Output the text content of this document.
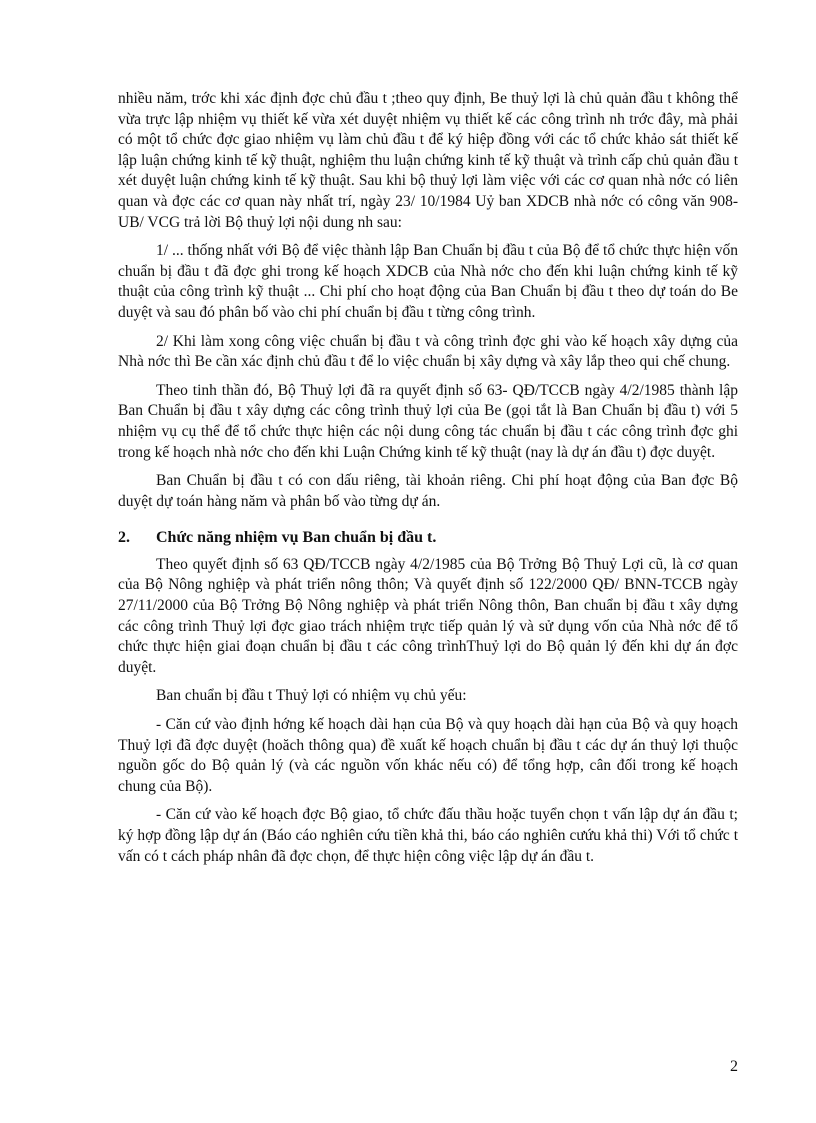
nhiều năm, trớc khi xác định đợc chủ đầu t ;theo quy định, Be thuỷ lợi là chủ quản đầu t không thể vừa trực lập nhiệm vụ thiết kế vừa xét duyệt nhiệm vụ thiết kế các công trình nh trớc đây, mà phải có một tổ chức đợc giao nhiệm vụ làm chủ đầu t để ký hiệp đồng với các tổ chức khảo sát thiết kế lập luận chứng kinh tế kỹ thuật, nghiệm thu luận chứng kinh tế kỹ thuật và trình cấp chủ quản đầu t xét duyệt luận chứng kinh tế kỹ thuật. Sau khi bộ thuỷ lợi làm việc với các cơ quan nhà nớc có liên quan và đợc các cơ quan này nhất trí, ngày 23/ 10/1984 Uỷ ban XDCB nhà nớc có công văn 908- UB/ VCG trả lời Bộ thuỷ lợi nội dung nh sau:

1/ ... thống nhất với Bộ để việc thành lập Ban Chuẩn bị đầu t của Bộ để tổ chức thực hiện vốn chuẩn bị đầu t đã đợc ghi trong kế hoạch XDCB của Nhà nớc cho đến khi luận chứng kinh tế kỹ thuật của công trình kỹ thuật ... Chi phí cho hoạt động của Ban Chuẩn bị đầu t theo dự toán do Be duyệt và sau đó phân bố vào chi phí chuẩn bị đầu t từng công trình.

2/ Khi làm xong công việc chuẩn bị đầu t và công trình đợc ghi vào kế hoạch xây dựng của Nhà nớc thì Be cần xác định chủ đầu t để lo việc chuẩn bị xây dựng và xây lắp theo qui chế chung.

Theo tinh thần đó, Bộ Thuỷ lợi đã ra quyết định số 63- QĐ/TCCB ngày 4/2/1985 thành lập Ban Chuẩn bị đầu t xây dựng các công trình thuỷ lợi của Be (gọi tắt là Ban Chuẩn bị đầu t) với 5 nhiệm vụ cụ thể để tổ chức thực hiện các nội dung công tác chuẩn bị đầu t các công trình đợc ghi trong kế hoạch nhà nớc cho đến khi Luận Chứng kinh tế kỹ thuật (nay là dự án đầu t) đợc duyệt.

Ban Chuẩn bị đầu t có con dấu riêng, tài khoản riêng. Chi phí hoạt động của Ban đợc Bộ duyệt dự toán hàng năm và phân bố vào từng dự án.

2.	Chức năng nhiệm vụ Ban chuẩn bị đầu t.

Theo quyết định số 63 QĐ/TCCB ngày 4/2/1985 của Bộ Trởng Bộ Thuỷ Lợi cũ, là cơ quan của Bộ Nông nghiệp và phát triển nông thôn; Và quyết định số 122/2000 QĐ/ BNN-TCCB ngày 27/11/2000 của Bộ Trởng Bộ Nông nghiệp và phát triển Nông thôn, Ban chuẩn bị đầu t xây dựng các công trình Thuỷ lợi đợc giao trách nhiệm trực tiếp quản lý và sử dụng vốn của Nhà nớc để tổ chức thực hiện giai đoạn chuẩn bị đầu t các công trìnhThuỷ lợi do Bộ quản lý đến khi dự án đợc duyệt.

Ban chuẩn bị đầu t Thuỷ lợi có nhiệm vụ chủ yếu:

- Căn cứ vào định hớng kế hoạch dài hạn của Bộ và quy hoạch dài hạn của Bộ và quy hoạch Thuỷ lợi đã đợc duyệt (hoăch thông qua) đề xuất kế hoạch chuẩn bị đầu t các dự án thuỷ lợi thuộc nguồn gốc do Bộ quản lý (và các nguồn vốn khác nếu có) để tổng hợp, cân đối trong kế hoạch chung của Bộ).

- Căn cứ vào kế hoạch đợc Bộ giao, tổ chức đấu thầu hoặc tuyển chọn t vấn lập dự án đầu t; ký hợp đồng lập dự án (Báo cáo nghiên cứu tiền khả thi, báo cáo nghiên cưứu khả thi) Với tổ chức t vấn có t cách pháp nhân đã đợc chọn, để thực hiện công việc lập dự án đầu t.

2
